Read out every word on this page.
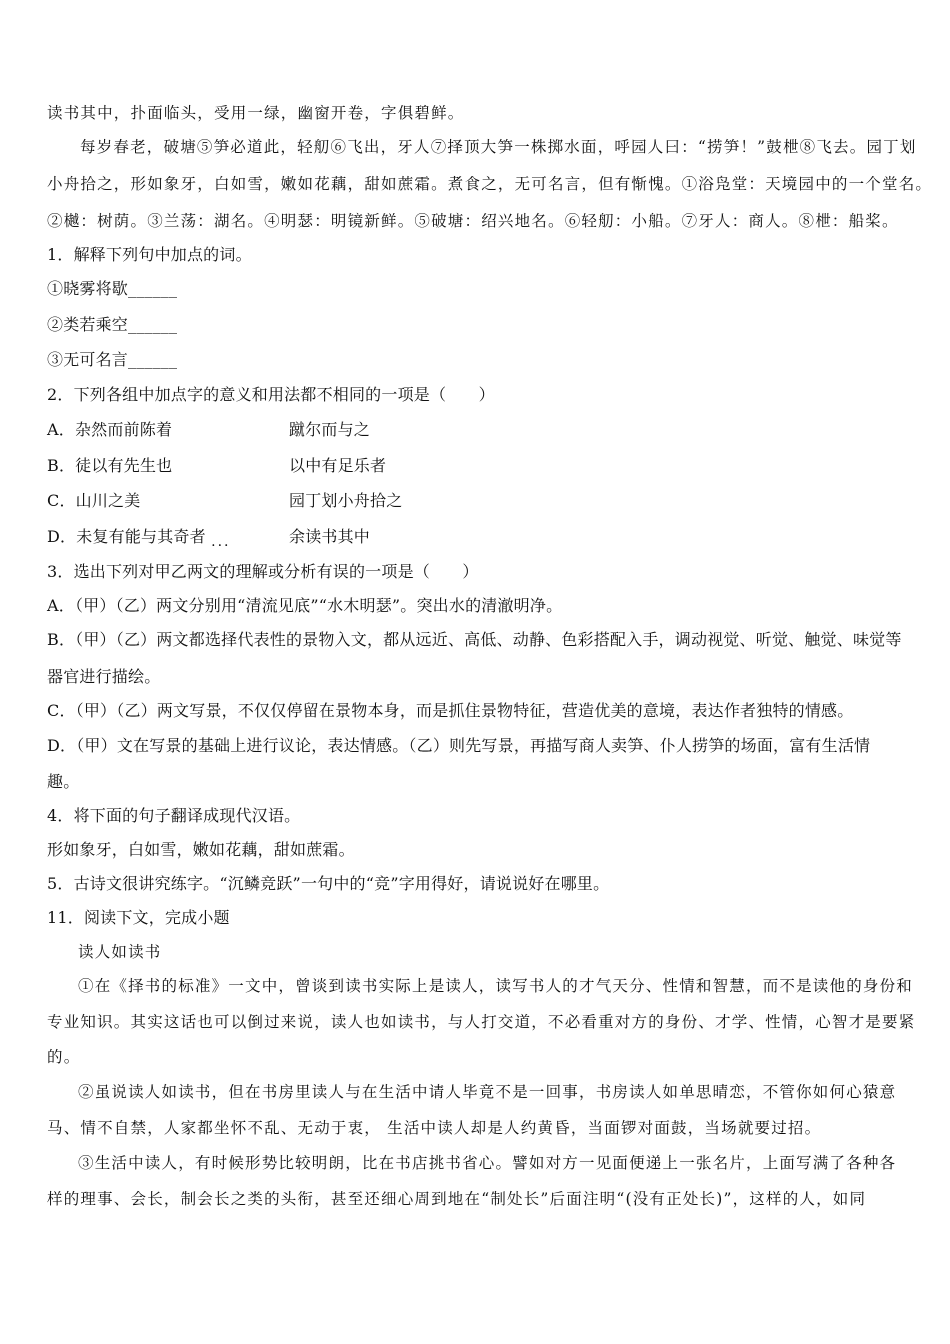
读书其中，扑面临头，受用一绿，幽窗开卷，字俱碧鲜。
每岁春老，破塘⑤笋必道此，轻舠⑥飞出，牙人⑦择顶大笋一株掷水面，呼园人曰：“捞笋！”鼓枻⑧飞去。园丁划
小舟拾之，形如象牙，白如雪，嫩如花藕，甜如蔗霜。煮食之，无可名言，但有惭愧。①浴凫堂：天境园中的一个堂名。
②樾：树荫。③兰荡：湖名。④明瑟：明镜新鲜。⑤破塘：绍兴地名。⑥轻舠：小船。⑦牙人：商人。⑧枻：船桨。
1．解释下列句中加点的词。
①晓雾将歇______
②类若乘空______
③无可名言______
2．下列各组中加点字的意义和用法都不相同的一项是（　　）
A．杂然而前陈着	蹴尔而与之
B．徒以有先生也	以中有足乐者
C．山川之美	园丁划小舟拾之
D．未复有能与其奇者 ...	余读书其中
3．选出下列对甲乙两文的理解或分析有误的一项是（　　）
A．（甲）（乙）两文分别用“清流见底”“水木明瑟”。突出水的清澈明净。
B．（甲）（乙）两文都选择代表性的景物入文，都从远近、高低、动静、色彩搭配入手，调动视觉、听觉、触觉、味觉等
器官进行描绘。
C．（甲）（乙）两文写景，不仅仅停留在景物本身，而是抓住景物特征，营造优美的意境，表达作者独特的情感。
D．（甲）文在写景的基础上进行议论，表达情感。（乙）则先写景，再描写商人卖笋、仆人捞笋的场面，富有生活情
趣。
4．将下面的句子翻译成现代汉语。
形如象牙，白如雪，嫩如花藕，甜如蔗霜。
5．古诗文很讲究练字。“沉鳞竞跃”一句中的“竞”字用得好，请说说好在哪里。
11．阅读下文，完成小题
读人如读书
①在《择书的标准》一文中，曾谈到读书实际上是读人，读写书人的才气天分、性情和智慧，而不是读他的身份和
专业知识。其实这话也可以倒过来说，读人也如读书，与人打交道，不必看重对方的身份、才学、性情，心智才是要紧
的。
②虽说读人如读书，但在书房里读人与在生活中请人毕竟不是一回事，书房读人如单思晴恋，不管你如何心猿意
马、情不自禁，人家都坐怀不乱、无动于衷， 生活中读人却是人约黄昏，当面锣对面鼓，当场就要过招。
③生活中读人，有时候形势比较明朗，比在书店挑书省心。譬如对方一见面便递上一张名片，上面写满了各种各
样的理事、会长，制会长之类的头衔，甚至还细心周到地在“制处长”后面注明“(没有正处长)”，这样的人，如同
